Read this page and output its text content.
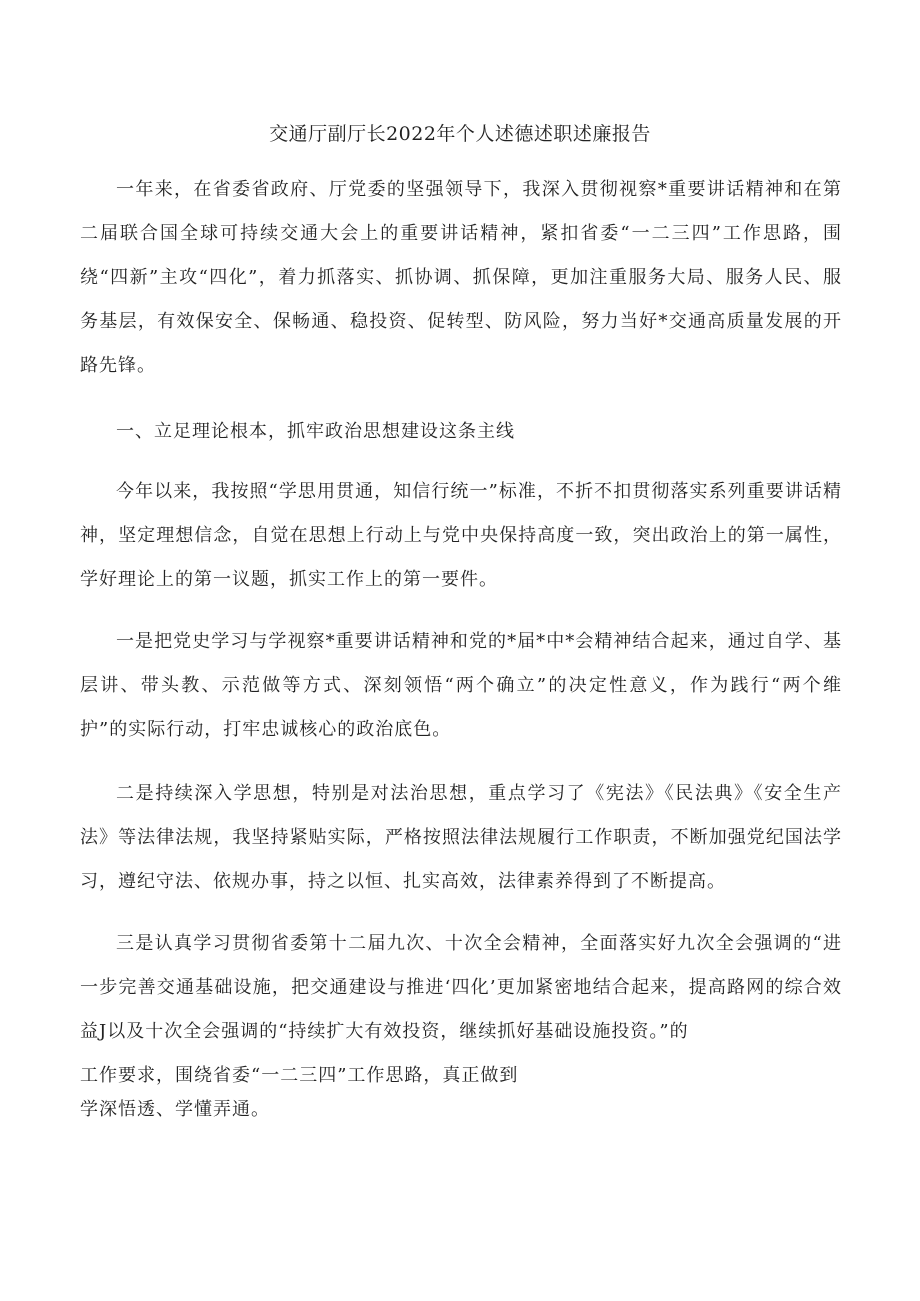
交通厅副厅长2022年个人述德述职述廉报告

一年来，在省委省政府、厅党委的坚强领导下，我深入贯彻视察*重要讲话精神和在第二届联合国全球可持续交通大会上的重要讲话精神，紧扣省委“一二三四”工作思路，围绕“四新”主攻“四化”，着力抓落实、抓协调、抓保障，更加注重服务大局、服务人民、服务基层，有效保安全、保畅通、稳投资、促转型、防风险，努力当好*交通高质量发展的开路先锋。

一、立足理论根本，抓牢政治思想建设这条主线

今年以来，我按照“学思用贯通，知信行统一”标准，不折不扣贯彻落实系列重要讲话精神，坚定理想信念，自觉在思想上行动上与党中央保持高度一致，突出政治上的第一属性，学好理论上的第一议题，抓实工作上的第一要件。

一是把党史学习与学视察*重要讲话精神和党的*届*中*会精神结合起来，通过自学、基层讲、带头教、示范做等方式、深刻领悟“两个确立”的决定性意义，作为践行“两个维护”的实际行动，打牢忠诚核心的政治底色。

二是持续深入学思想，特别是对法治思想，重点学习了《宪法》《民法典》《安全生产法》等法律法规，我坚持紧贴实际，严格按照法律法规履行工作职责，不断加强党纪国法学习，遵纪守法、依规办事，持之以恒、扎实高效，法律素养得到了不断提高。

三是认真学习贯彻省委第十二届九次、十次全会精神，全面落实好九次全会强调的“进一步完善交通基础设施，把交通建设与推进‘四化’更加紧密地结合起来，提高路网的综合效益J以及十次全会强调的“持续扩大有效投资，继续抓好基础设施投资。”的

工作要求，围绕省委“一二三四”工作思路，真正做到

学深悟透、学懂弄通。
